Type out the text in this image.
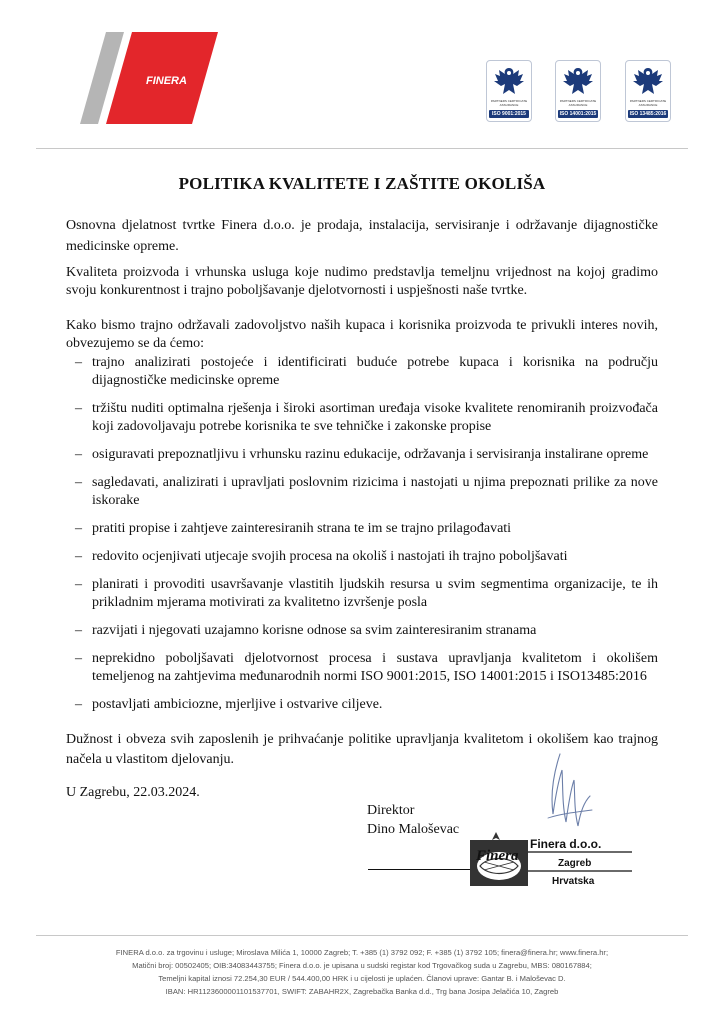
FINERA
PARTNERS CERTIFICATE ASSURANCE
ISO 9001:2015
PARTNERS CERTIFICATE ASSURANCE
ISO 14001:2015
PARTNERS CERTIFICATE ASSURANCE
ISO 13485:2016
POLITIKA KVALITETE I ZAŠTITE OKOLIŠA

Osnovna djelatnost tvrtke Finera d.o.o. je prodaja, instalacija, servisiranje i održavanje dijagnostičke medicinske opreme.

Kvaliteta proizvoda i vrhunska usluga koje nudimo predstavlja temeljnu vrijednost na kojoj gradimo svoju konkurentnost i trajno poboljšavanje djelotvornosti i uspješnosti naše tvrtke.

Kako bismo trajno održavali zadovoljstvo naših kupaca i korisnika proizvoda te privukli interes novih, obvezujemo se da ćemo:

– trajno analizirati postojeće i identificirati buduće potrebe kupaca i korisnika na području dijagnostičke medicinske opreme
– tržištu nuditi optimalna rješenja i široki asortiman uređaja visoke kvalitete renomiranih proizvođača koji zadovoljavaju potrebe korisnika te sve tehničke i zakonske propise
– osiguravati prepoznatljivu i vrhunsku razinu edukacije, održavanja i servisiranja instalirane opreme
– sagledavati, analizirati i upravljati poslovnim rizicima i nastojati u njima prepoznati prilike za nove iskorake
– pratiti propise i zahtjeve zainteresiranih strana te im se trajno prilagođavati
– redovito ocjenjivati utjecaje svojih procesa na okoliš i nastojati ih trajno poboljšavati
– planirati i provoditi usavršavanje vlastitih ljudskih resursa u svim segmentima organizacije, te ih prikladnim mjerama motivirati za kvalitetno izvršenje posla
– razvijati i njegovati uzajamno korisne odnose sa svim zainteresiranim stranama
– neprekidno poboljšavati djelotvornost procesa i sustava upravljanja kvalitetom i okolišem temeljenog na zahtjevima međunarodnih normi ISO 9001:2015, ISO 14001:2015 i ISO13485:2016
– postavljati ambiciozne, mjerljive i ostvarive ciljeve.

Dužnost i obveza svih zaposlenih je prihvaćanje politike upravljanja kvalitetom i okolišem kao trajnog načela u vlastitom djelovanju.

U Zagrebu, 22.03.2024.
Direktor
Dino Maloševac
Finera
Finera d.o.o.
Zagreb
Hrvatska
FINERA d.o.o. za trgovinu i usluge; Miroslava Milića 1, 10000 Zagreb; T. +385 (1) 3792 092; F. +385 (1) 3792 105; finera@finera.hr; www.finera.hr;
Matični broj: 00502405; OIB:34083443755; Finera d.o.o. je upisana u sudski registar kod Trgovačkog suda u Zagrebu, MBS: 080167884;
Temeljni kapital iznosi 72.254,30 EUR / 544.400,00 HRK i u cijelosti je uplaćen. Članovi uprave: Gantar B. i Maloševac D.
IBAN: HR1123600001101537701, SWIFT: ZABAHR2X, Zagrebačka Banka d.d., Trg bana Josipa Jelačića 10, Zagreb
